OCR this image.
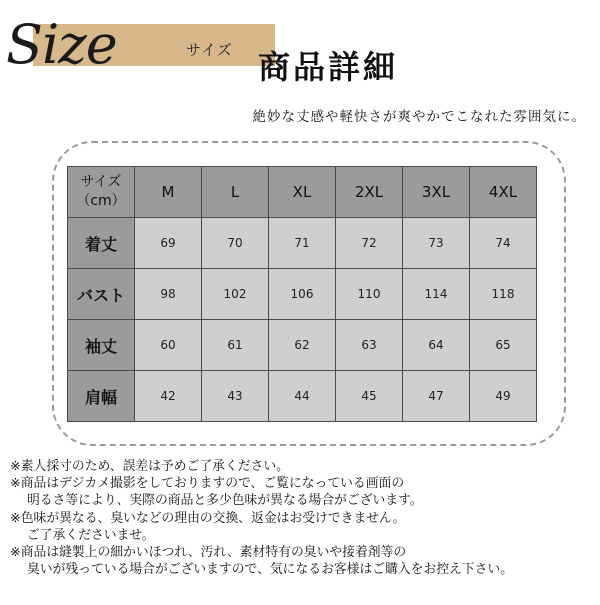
Size	サイズ 商品詳細
絶妙な丈感や軽快さが爽やかでこなれた雰囲気に。
サイズ
（cm）	M	L	XL	2XL	3XL	4XL
着丈	69	70	71	72	73	74
バスト	98	102	106	110	114	118
袖丈	60	61	62	63	64	65
肩幅	42	43	44	45	47	49
※素人採寸のため、誤差は予めご了承ください。
※商品はデジカメ撮影をしておりますので、ご覧になっている画面の
明るさ等により、実際の商品と多少色味が異なる場合がございます。
※色味が異なる、臭いなどの理由の交換、返金はお受けできません。
ご了承くださいませ。
※商品は縫製上の細かいほつれ、汚れ、素材特有の臭いや接着剤等の
臭いが残っている場合がございますので、気になるお客様はご購入をお控え下さい。
